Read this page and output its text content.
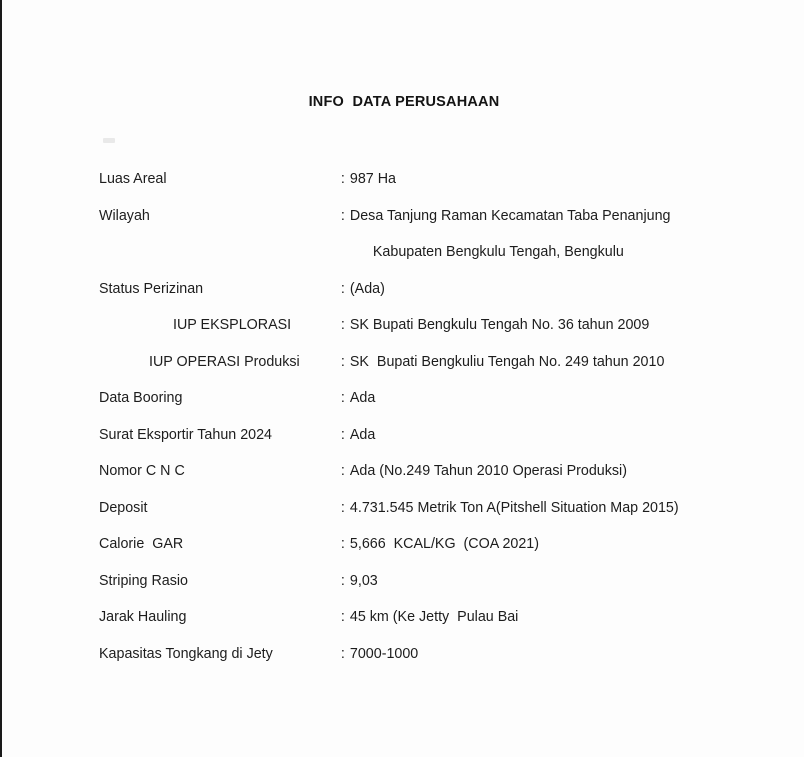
INFO  DATA PERUSAHAAN
Luas Areal	: 987 Ha
Wilayah	: Desa Tanjung Raman Kecamatan Taba Penanjung
	Kabupaten Bengkulu Tengah, Bengkulu
Status Perizinan	: (Ada)
IUP EKSPLORASI	: SK Bupati Bengkulu Tengah No. 36 tahun 2009
IUP OPERASI Produksi	: SK  Bupati Bengkuliu Tengah No. 249 tahun 2010
Data Booring	: Ada
Surat Eksportir Tahun 2024	: Ada
Nomor C N C	: Ada (No.249 Tahun 2010 Operasi Produksi)
Deposit	: 4.731.545 Metrik Ton A(Pitshell Situation Map 2015)
Calorie  GAR	: 5,666  KCAL/KG  (COA 2021)
Striping Rasio	: 9,03
Jarak Hauling	: 45 km (Ke Jetty  Pulau Bai
Kapasitas Tongkang di Jety	: 7000-1000
